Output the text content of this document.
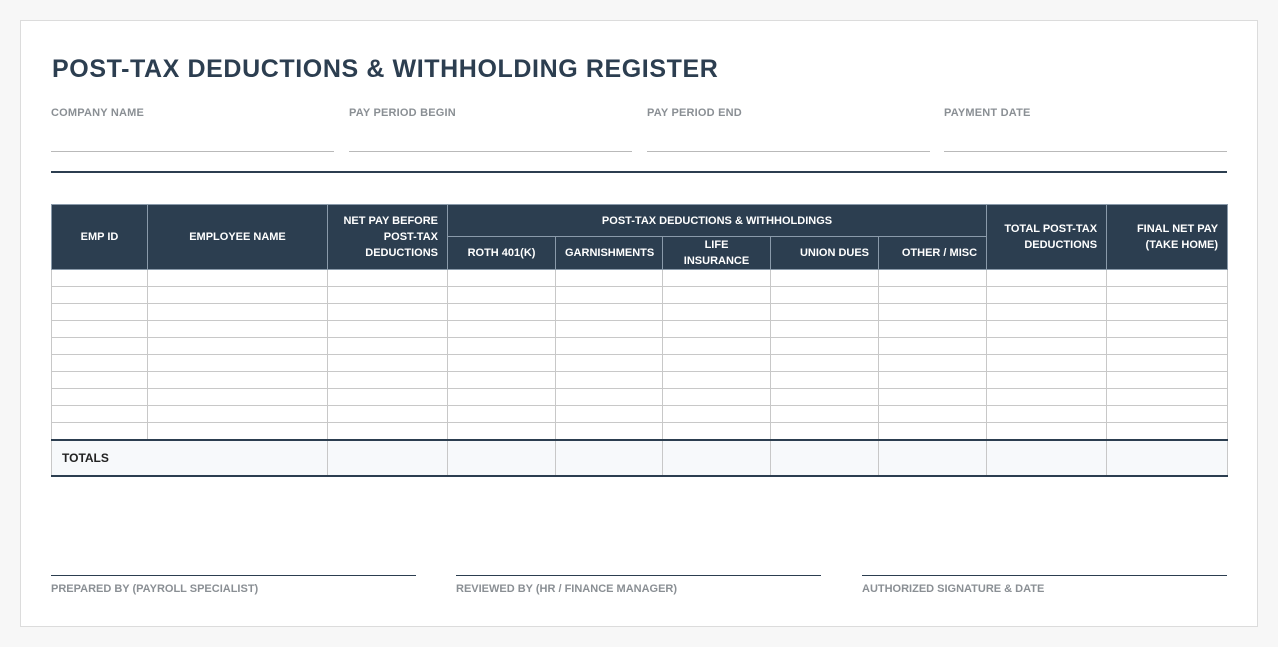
POST-TAX DEDUCTIONS & WITHHOLDING REGISTER
COMPANY NAME	PAY PERIOD BEGIN	PAY PERIOD END	PAYMENT DATE
EMP ID	EMPLOYEE NAME	NET PAY BEFORE POST-TAX DEDUCTIONS	POST-TAX DEDUCTIONS & WITHHOLDINGS					TOTAL POST-TAX DEDUCTIONS	FINAL NET PAY (TAKE HOME)
			ROTH 401(K)	GARNISHMENTS	LIFE INSURANCE	UNION DUES	OTHER / MISC		

TOTALS									
PREPARED BY (PAYROLL SPECIALIST)	REVIEWED BY (HR / FINANCE MANAGER)	AUTHORIZED SIGNATURE & DATE
